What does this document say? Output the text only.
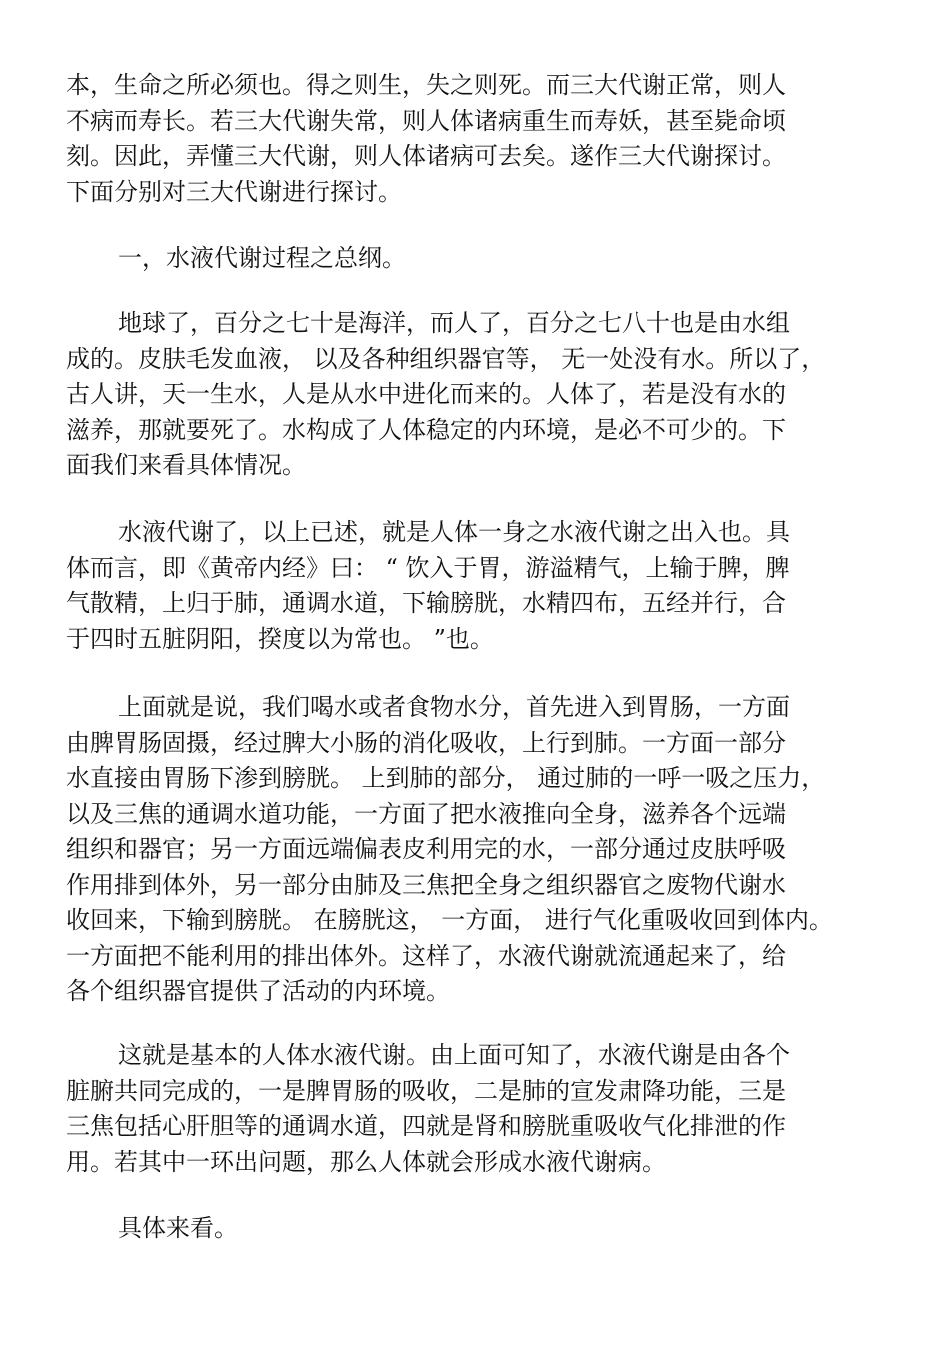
本，生命之所必须也。得之则生，失之则死。而三大代谢正常，则人
不病而寿长。若三大代谢失常，则人体诸病重生而寿妖，甚至毙命顷
刻。因此，弄懂三大代谢，则人体诸病可去矣。遂作三大代谢探讨。
下面分别对三大代谢进行探讨。
一，水液代谢过程之总纲。
地球了，百分之七十是海洋，而人了，百分之七八十也是由水组
成的。皮肤毛发血液， 以及各种组织器官等， 无一处没有水。所以了，
古人讲，天一生水，人是从水中进化而来的。人体了，若是没有水的
滋养，那就要死了。水构成了人体稳定的内环境，是必不可少的。下
面我们来看具体情况。
水液代谢了，以上已述，就是人体一身之水液代谢之出入也。具
体而言，即《黄帝内经》曰： “ 饮入于胃，游溢精气，上输于脾，脾
气散精，上归于肺，通调水道，下输膀胱，水精四布，五经并行，合
于四时五脏阴阳，揆度以为常也。 ”也。
上面就是说，我们喝水或者食物水分，首先进入到胃肠，一方面
由脾胃肠固摄，经过脾大小肠的消化吸收，上行到肺。一方面一部分
水直接由胃肠下渗到膀胱。 上到肺的部分， 通过肺的一呼一吸之压力，
以及三焦的通调水道功能，一方面了把水液推向全身，滋养各个远端
组织和器官；另一方面远端偏表皮利用完的水，一部分通过皮肤呼吸
作用排到体外，另一部分由肺及三焦把全身之组织器官之废物代谢水
收回来，下输到膀胱。 在膀胱这， 一方面， 进行气化重吸收回到体内。
一方面把不能利用的排出体外。这样了，水液代谢就流通起来了，给
各个组织器官提供了活动的内环境。
这就是基本的人体水液代谢。由上面可知了，水液代谢是由各个
脏腑共同完成的，一是脾胃肠的吸收，二是肺的宣发肃降功能，三是
三焦包括心肝胆等的通调水道，四就是肾和膀胱重吸收气化排泄的作
用。若其中一环出问题，那么人体就会形成水液代谢病。
具体来看。
